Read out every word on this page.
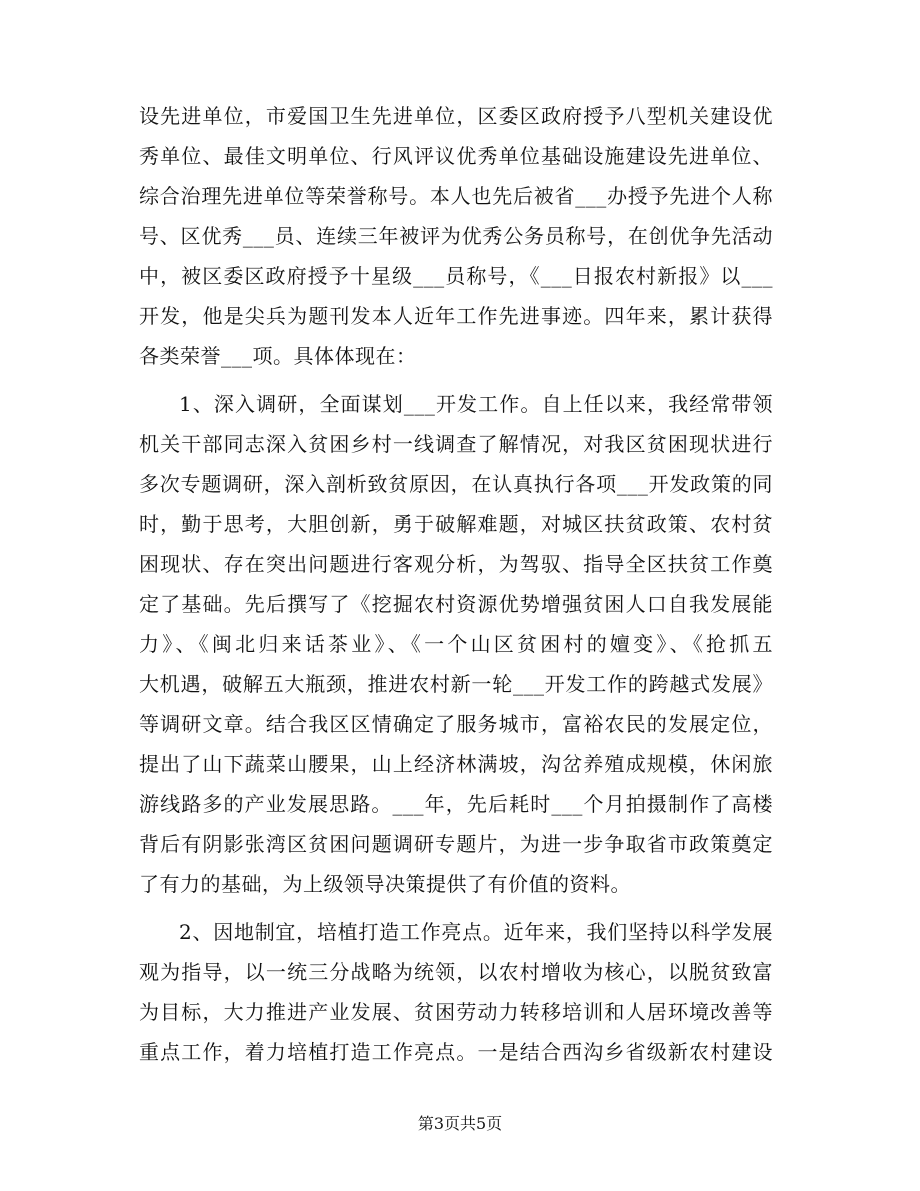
设先进单位，市爱国卫生先进单位，区委区政府授予八型机关建设优
秀单位、最佳文明单位、行风评议优秀单位基础设施建设先进单位、
综合治理先进单位等荣誉称号。本人也先后被省___办授予先进个人称
号、区优秀___员、连续三年被评为优秀公务员称号，在创优争先活动
中，被区委区政府授予十星级___员称号，《___日报农村新报》以___
开发，他是尖兵为题刊发本人近年工作先进事迹。四年来，累计获得
各类荣誉___项。具体体现在：
1、深入调研，全面谋划___开发工作。自上任以来，我经常带领
机关干部同志深入贫困乡村一线调查了解情况，对我区贫困现状进行
多次专题调研，深入剖析致贫原因，在认真执行各项___开发政策的同
时，勤于思考，大胆创新，勇于破解难题，对城区扶贫政策、农村贫
困现状、存在突出问题进行客观分析，为驾驭、指导全区扶贫工作奠
定了基础。先后撰写了《挖掘农村资源优势增强贫困人口自我发展能
力》、《闽北归来话茶业》、《一个山区贫困村的嬗变》、《抢抓五
大机遇，破解五大瓶颈，推进农村新一轮___开发工作的跨越式发展》
等调研文章。结合我区区情确定了服务城市，富裕农民的发展定位，
提出了山下蔬菜山腰果，山上经济林满坡，沟岔养殖成规模，休闲旅
游线路多的产业发展思路。___年，先后耗时___个月拍摄制作了高楼
背后有阴影张湾区贫困问题调研专题片，为进一步争取省市政策奠定
了有力的基础，为上级领导决策提供了有价值的资料。
2、因地制宜，培植打造工作亮点。近年来，我们坚持以科学发展
观为指导，以一统三分战略为统领，以农村增收为核心，以脱贫致富
为目标，大力推进产业发展、贫困劳动力转移培训和人居环境改善等
重点工作，着力培植打造工作亮点。一是结合西沟乡省级新农村建设
第3页共5页
